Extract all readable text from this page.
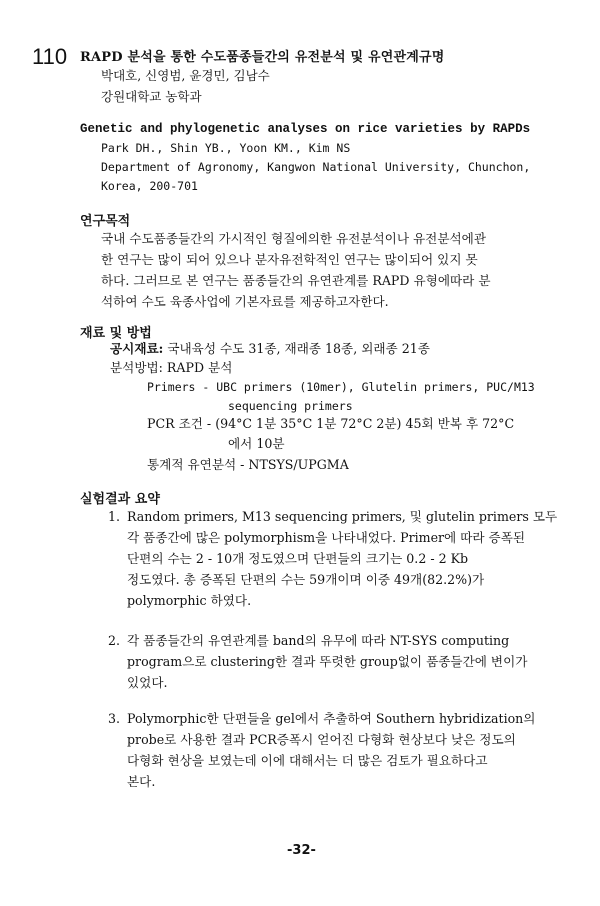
110 RAPD 분석을 통한 수도품종들간의 유전분석 및 유연관계규명
박대호, 신영범, 윤경민, 김남수
강원대학교 농학과
Genetic and phylogenetic analyses on rice varieties by RAPDs
Park DH., Shin YB., Yoon KM., Kim NS
Department of Agronomy, Kangwon National University, Chunchon,
Korea, 200-701
연구목적
국내 수도품종들간의 가시적인 형질에의한 유전분석이나 유전분석에관
한 연구는 많이 되어 있으나 분자유전학적인 연구는 많이되어 있지 못
하다. 그러므로 본 연구는 품종들간의 유연관계를 RAPD 유형에따라 분
석하여 수도 육종사업에 기본자료를 제공하고자한다.
재료 및 방법
공시재료: 국내육성 수도 31종, 재래종 18종, 외래종 21종
분석방법: RAPD 분석
Primers - UBC primers (10mer), Glutelin primers, PUC/M13
sequencing primers
PCR 조건 - (94°C 1분 35°C 1분 72°C 2분) 45회 반복 후 72°C
에서 10분
통계적 유연분석 - NTSYS/UPGMA
실험결과 요약
1. Random primers, M13 sequencing primers, 및 glutelin primers 모두
각 품종간에 많은 polymorphism을 나타내었다. Primer에 따라 증폭된
단편의 수는 2 - 10개 정도였으며 단편들의 크기는 0.2 - 2 Kb
정도였다. 총 증폭된 단편의 수는 59개이며 이중 49개(82.2%)가
polymorphic 하였다.
2. 각 품종들간의 유연관계를 band의 유무에 따라 NT-SYS computing
program으로 clustering한 결과 뚜렷한 group없이 품종들간에 변이가
있었다.
3. Polymorphic한 단편들을 gel에서 추출하여 Southern hybridization의
probe로 사용한 결과 PCR증폭시 얻어진 다형화 현상보다 낮은 정도의
다형화 현상을 보였는데 이에 대해서는 더 많은 검토가 필요하다고
본다.
-32-
